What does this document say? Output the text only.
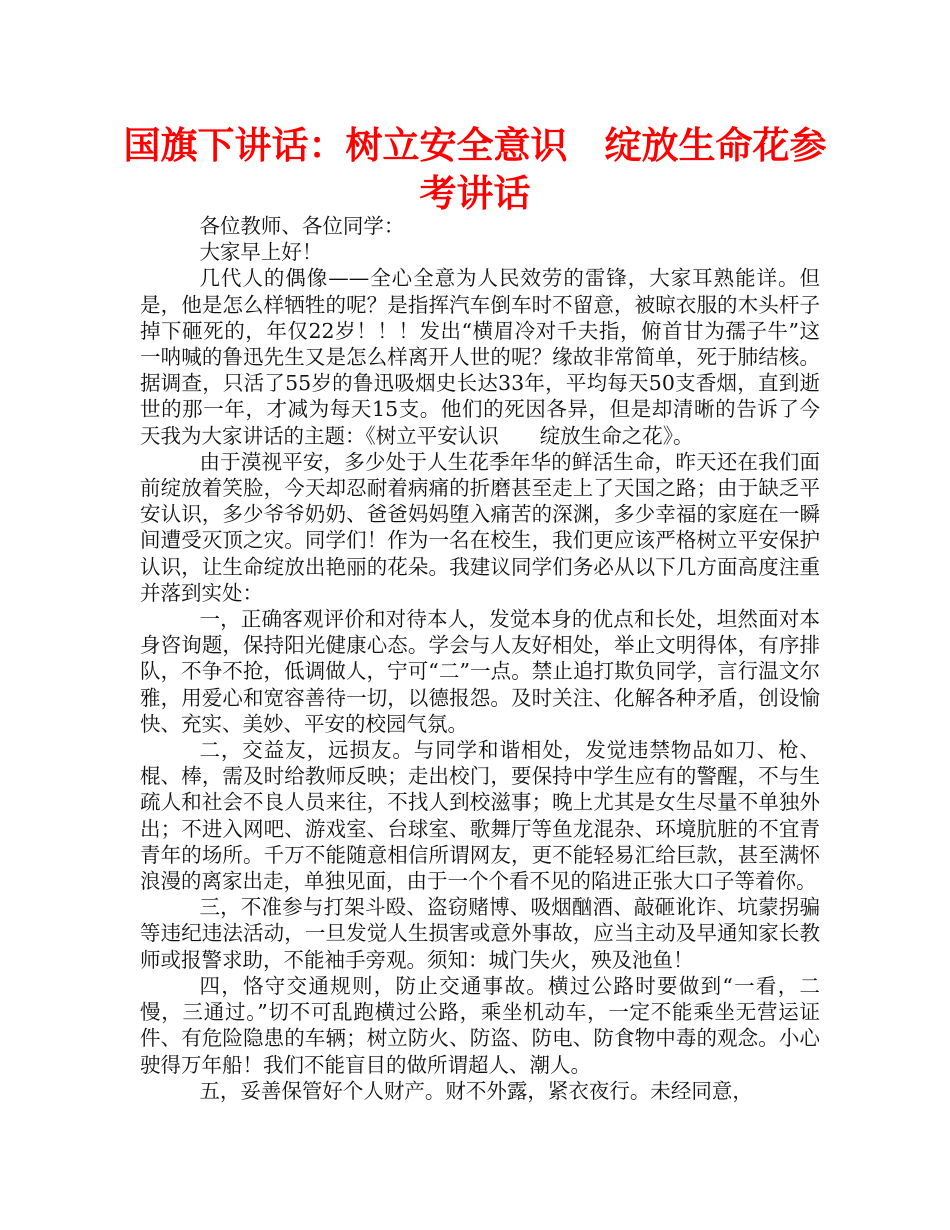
国旗下讲话：树立安全意识　绽放生命花参考讲话

各位教师、各位同学：

大家早上好！

几代人的偶像——全心全意为人民效劳的雷锋，大家耳熟能详。但是，他是怎么样牺牲的呢？是指挥汽车倒车时不留意，被晾衣服的木头杆子掉下砸死的，年仅22岁！！！发出“横眉冷对千夫指，俯首甘为孺子牛”这一呐喊的鲁迅先生又是怎么样离开人世的呢？缘故非常简单，死于肺结核。据调查，只活了55岁的鲁迅吸烟史长达33年，平均每天50支香烟，直到逝世的那一年，才减为每天15支。他们的死因各异，但是却清晰的告诉了今天我为大家讲话的主题：《树立平安认识　　绽放生命之花》。

由于漠视平安，多少处于人生花季年华的鲜活生命，昨天还在我们面前绽放着笑脸，今天却忍耐着病痛的折磨甚至走上了天国之路；由于缺乏平安认识，多少爷爷奶奶、爸爸妈妈堕入痛苦的深渊，多少幸福的家庭在一瞬间遭受灭顶之灾。同学们！作为一名在校生，我们更应该严格树立平安保护认识，让生命绽放出艳丽的花朵。我建议同学们务必从以下几方面高度注重并落到实处：

一，正确客观评价和对待本人，发觉本身的优点和长处，坦然面对本身咨询题，保持阳光健康心态。学会与人友好相处，举止文明得体，有序排队，不争不抢，低调做人，宁可“二”一点。禁止追打欺负同学，言行温文尔雅，用爱心和宽容善待一切，以德报怨。及时关注、化解各种矛盾，创设愉快、充实、美妙、平安的校园气氛。

二，交益友，远损友。与同学和谐相处，发觉违禁物品如刀、枪、棍、棒，需及时给教师反映；走出校门，要保持中学生应有的警醒，不与生疏人和社会不良人员来往，不找人到校滋事；晚上尤其是女生尽量不单独外出；不进入网吧、游戏室、台球室、歌舞厅等鱼龙混杂、环境肮脏的不宜青青年的场所。千万不能随意相信所谓网友，更不能轻易汇给巨款，甚至满怀浪漫的离家出走，单独见面，由于一个个看不见的陷进正张大口子等着你。

三，不准参与打架斗殴、盗窃赌博、吸烟酗酒、敲砸讹诈、坑蒙拐骗等违纪违法活动，一旦发觉人生损害或意外事故，应当主动及早通知家长教师或报警求助，不能袖手旁观。须知：城门失火，殃及池鱼！

四，恪守交通规则，防止交通事故。横过公路时要做到“一看，二慢，三通过。”切不可乱跑横过公路，乘坐机动车，一定不能乘坐无营运证件、有危险隐患的车辆；树立防火、防盗、防电、防食物中毒的观念。小心驶得万年船！我们不能盲目的做所谓超人、潮人。

五，妥善保管好个人财产。财不外露，紧衣夜行。未经同意，
